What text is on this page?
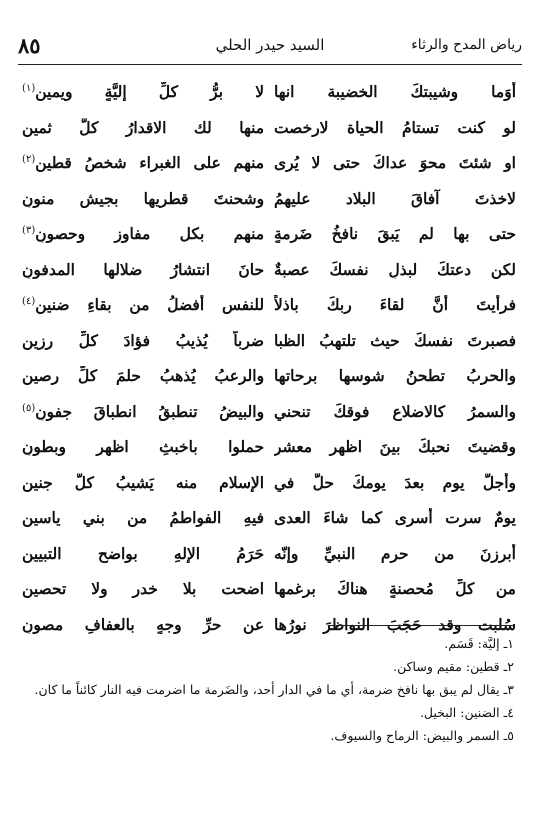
رياض المدح والرثاء
السيد حيدر الحلي
٨٥
أوَما وشيبتكَ الخضيبة انها
لا برُّ كلِّ إليَّةٍ ويمينِ$^{(١)}$
لو كنت تستامُ الحياة لارخصت
منها لك الاقدارُ كلَّ ثمينِ
او شئتَ محوَ عداكَ حتى لا يُرى
منهم على الغبراء شخصُ قطينِ$^{(٢)}$
لاخذتَ آفاقَ البلاد عليهمُ
وشحنتَ قطريها بجيش منونِ
حتى بها لم يَبقَ نافخُ ضَرمةٍ
منهم بكل مفاوزٍ وحصونِ$^{(٣)}$
لكن دعتكَ لبذلِ نفسكَ عصبةٌ
حانَ انتشارُ ضلالها المدفونِ
فرأيتَ أنَّ لقاءَ ربكَ باذلاً
للنفس أفضلُ من بقاءِ ضنينِ$^{(٤)}$
فصبرتَ نفسكَ حيث تلتهبُ الظبا
ضرباً يُذيبُ فؤادَ كلِّ رزينِ
والحربُ تطحنُ شوسها برحاتها
والرعبُ يُذهبُ حلمَ كلِّ رصينِ
والسمرُ كالاضلاعِ فوقكَ تنحني
والبيضُ تنطبقُ انطباقَ جفونِ$^{(٥)}$
وقضيتَ نحبكَ بينَ اظهرِ معشرٍ
حملوا باخبثِ اظهرٍ وبطونِ
وأجلُّ يومٍ بعدَ يومكَ حلَّ في
الإسلامِ منه يَشيبُ كلُّ جنينِ
يومٌ سرت أسرى كما شاءَ العدى
فيهِ الفواطمُ من بني ياسينِ
أُبرزنَ من حرمِ النبيِّ وإنّه
حَرَمُ الإلهِ بواضحِ التبيينِ
من كلِّ مُحصنةٍ هناكَ برغمها
اضحت بلا خدرٍ ولا تحصينِ
سُلبت وقد حَجَبَ النواظرَ نورُها
عن حرِّ وجهٍ بالعفافِ مصونِ

١ـ إليَّة: قَسَم.

٢ـ قطين: مقيم وساكن.

٣ـ يقال لم يبق بها نافخ ضرمة، أي ما في الدار أحد، والضَرمة ما اضرمت فيه النار كائناً ما كان.

٤ـ الضنين: البخيل.

٥ـ السمر والبيض: الرماح والسيوف.
